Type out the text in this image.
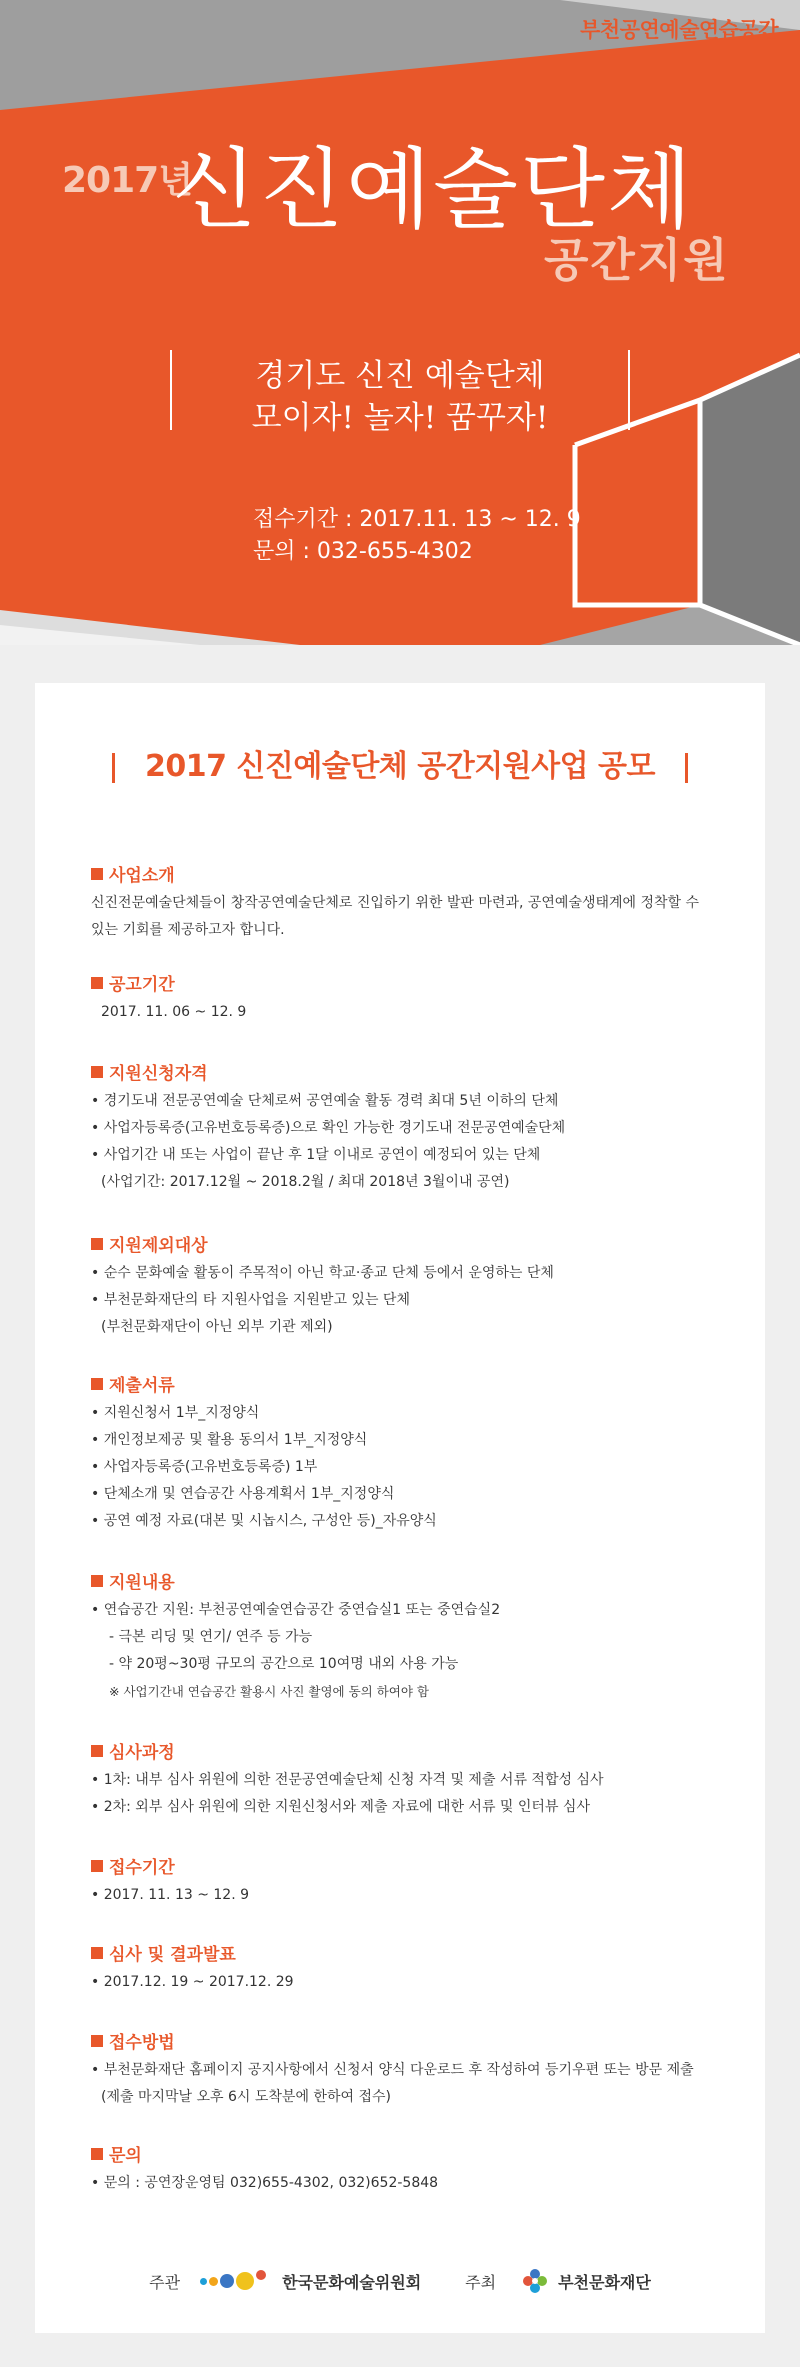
부천공연예술연습공간
2017년
신진예술단체
공간지원
경기도 신진 예술단체
모이자! 놀자! 꿈꾸자!
접수기간 : 2017.11. 13 ~ 12. 9
문의 : 032-655-4302
2017 신진예술단체 공간지원사업 공모
사업소개
신진전문예술단체들이 창작공연예술단체로 진입하기 위한 발판 마련과, 공연예술생태계에 정착할 수 있는 기회를 제공하고자 합니다.
공고기간
2017. 11. 06 ~ 12. 9
지원신청자격
• 경기도내 전문공연예술 단체로써 공연예술 활동 경력 최대 5년 이하의 단체
• 사업자등록증(고유번호등록증)으로 확인 가능한 경기도내 전문공연예술단체
• 사업기간 내 또는 사업이 끝난 후 1달 이내로 공연이 예정되어 있는 단체
(사업기간: 2017.12월 ~ 2018.2월 / 최대 2018년 3월이내 공연)
지원제외대상
• 순수 문화예술 활동이 주목적이 아닌 학교·종교 단체 등에서 운영하는 단체
• 부천문화재단의 타 지원사업을 지원받고 있는 단체
(부천문화재단이 아닌 외부 기관 제외)
제출서류
• 지원신청서 1부_지정양식
• 개인정보제공 및 활용 동의서 1부_지정양식
• 사업자등록증(고유번호등록증) 1부
• 단체소개 및 연습공간 사용계획서 1부_지정양식
• 공연 예정 자료(대본 및 시놉시스, 구성안 등)_자유양식
지원내용
• 연습공간 지원: 부천공연예술연습공간 중연습실1 또는 중연습실2
- 극본 리딩 및 연기/ 연주 등 가능
- 약 20평~30평 규모의 공간으로 10여명 내외 사용 가능
※ 사업기간내 연습공간 활용시 사진 촬영에 동의 하여야 함
심사과정
• 1차: 내부 심사 위원에 의한 전문공연예술단체 신청 자격 및 제출 서류 적합성 심사
• 2차: 외부 심사 위원에 의한 지원신청서와 제출 자료에 대한 서류 및 인터뷰 심사
접수기간
• 2017. 11. 13 ~ 12. 9
심사 및 결과발표
• 2017.12. 19 ~ 2017.12. 29
접수방법
• 부천문화재단 홈페이지 공지사항에서 신청서 양식 다운로드 후 작성하여 등기우편 또는 방문 제출
(제출 마지막날 오후 6시 도착분에 한하여 접수)
문의
• 문의 : 공연장운영팀 032)655-4302, 032)652-5848
주관	한국문화예술위원회	주최	부천문화재단
